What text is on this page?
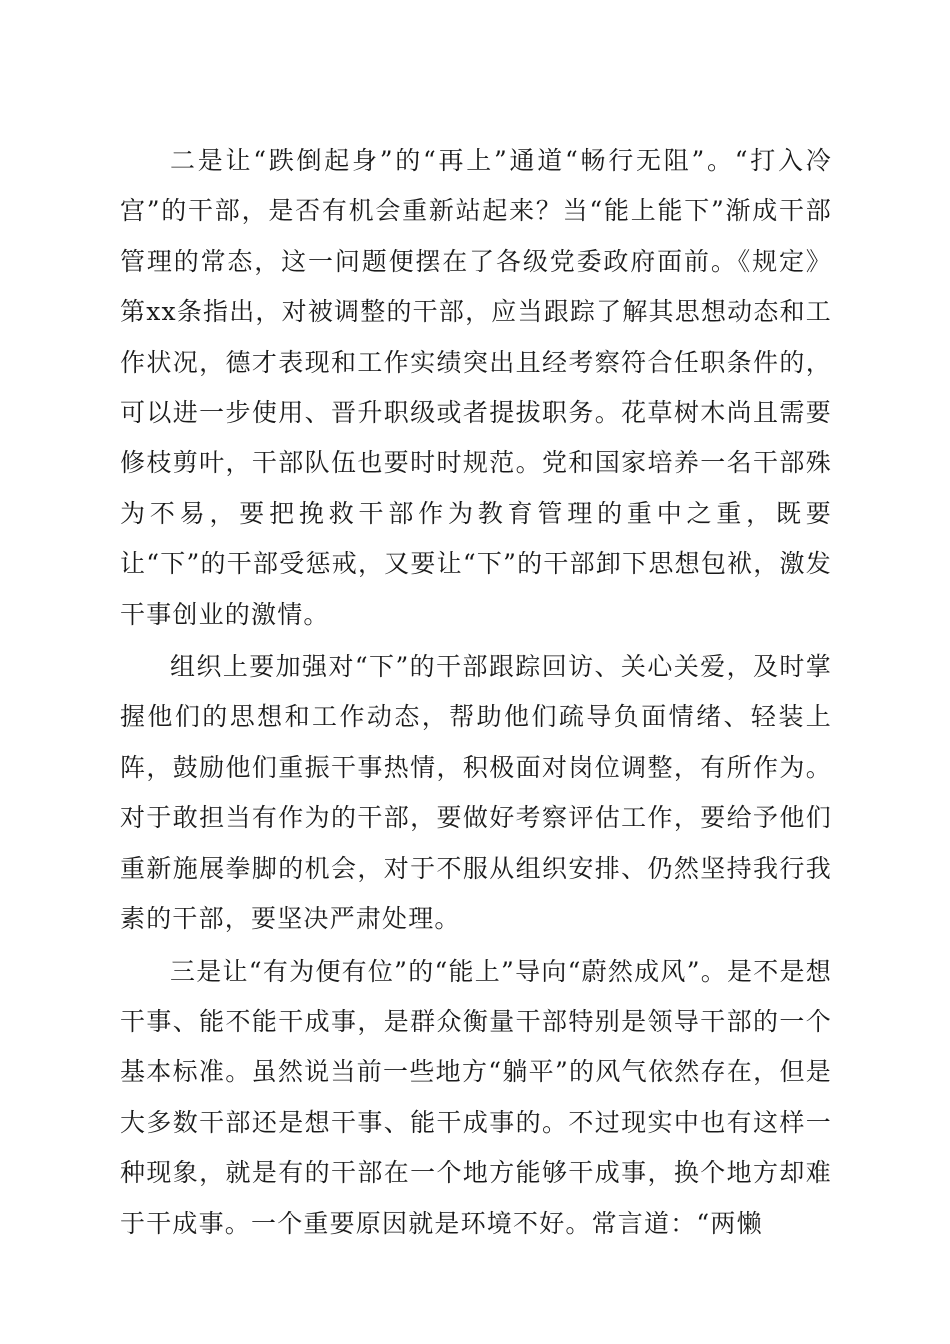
二是让“跌倒起身”的“再上”通道“畅行无阻”。“打入冷宫”的干部，是否有机会重新站起来？当“能上能下”渐成干部管理的常态，这一问题便摆在了各级党委政府面前。《规定》第xx条指出，对被调整的干部，应当跟踪了解其思想动态和工作状况，德才表现和工作实绩突出且经考察符合任职条件的，可以进一步使用、晋升职级或者提拔职务。花草树木尚且需要修枝剪叶，干部队伍也要时时规范。党和国家培养一名干部殊为不易，要把挽救干部作为教育管理的重中之重，既要让“下”的干部受惩戒，又要让“下”的干部卸下思想包袱，激发干事创业的激情。

组织上要加强对“下”的干部跟踪回访、关心关爱，及时掌握他们的思想和工作动态，帮助他们疏导负面情绪、轻装上阵，鼓励他们重振干事热情，积极面对岗位调整，有所作为。对于敢担当有作为的干部，要做好考察评估工作，要给予他们重新施展拳脚的机会，对于不服从组织安排、仍然坚持我行我素的干部，要坚决严肃处理。

三是让“有为便有位”的“能上”导向“蔚然成风”。是不是想干事、能不能干成事，是群众衡量干部特别是领导干部的一个基本标准。虽然说当前一些地方“躺平”的风气依然存在，但是大多数干部还是想干事、能干成事的。不过现实中也有这样一种现象，就是有的干部在一个地方能够干成事，换个地方却难于干成事。一个重要原因就是环境不好。常言道：“两懒
